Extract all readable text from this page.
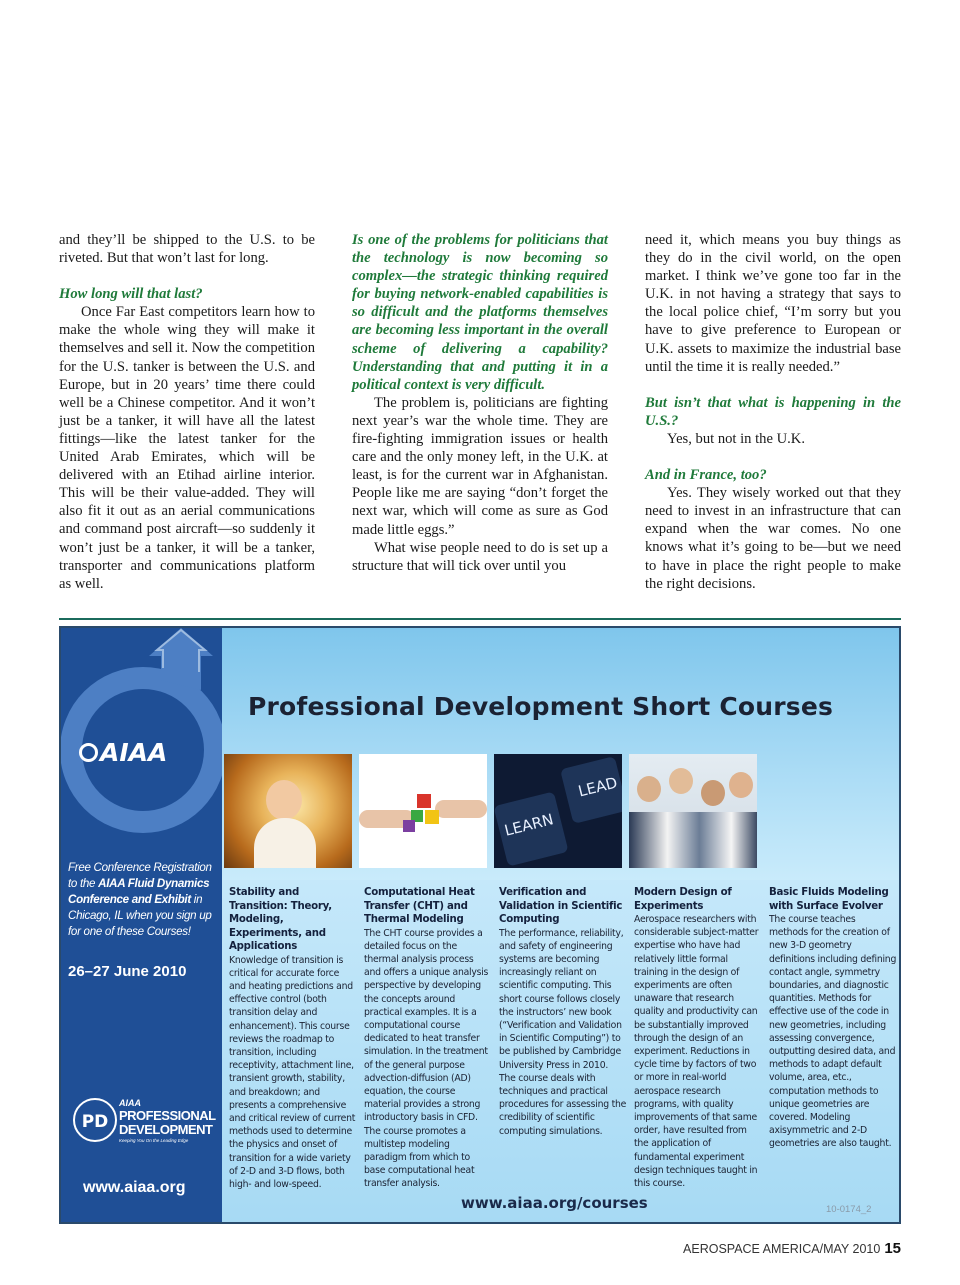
and they’ll be shipped to the U.S. to be riveted. But that won’t last for long.

How long will that last?

Once Far East competitors learn how to make the whole wing they will make it themselves and sell it. Now the competition for the U.S. tanker is between the U.S. and Europe, but in 20 years’ time there could well be a Chinese competitor. And it won’t just be a tanker, it will have all the latest fittings—like the latest tanker for the United Arab Emirates, which will be delivered with an Etihad airline interior. This will be their value-added. They will also fit it out as an aerial communications and command post aircraft—so suddenly it won’t just be a tanker, it will be a tanker, transporter and communications platform as well.

Is one of the problems for politicians that the technology is now becoming so complex—the strategic thinking required for buying network-enabled capabilities is so difficult and the platforms themselves are becoming less important in the overall scheme of delivering a capability? Understanding that and putting it in a political context is very difficult.

The problem is, politicians are fighting next year’s war the whole time. They are fire-fighting immigration issues or health care and the only money left, in the U.K. at least, is for the current war in Afghanistan. People like me are saying “don’t forget the next war, which will come as sure as God made little eggs.”

What wise people need to do is set up a structure that will tick over until you

need it, which means you buy things as they do in the civil world, on the open market. I think we’ve gone too far in the U.K. in not having a strategy that says to the local police chief, “I’m sorry but you have to give preference to European or U.K. assets to maximize the industrial base until the time it is really needed.”

But isn’t that what is happening in the U.S.?

Yes, but not in the U.K.

And in France, too?

Yes. They wisely worked out that they need to invest in an infrastructure that can expand when the war comes. No one knows what it’s going to be—but we need to have in place the right people to make the right decisions.

AIAA
Free Conference Registration to the AIAA Fluid Dynamics Conference and Exhibit in Chicago, IL when you sign up for one of these Courses!
26–27 June 2010
PD
AIAA
PROFESSIONAL
DEVELOPMENT
Keeping You On the Leading Edge
www.aiaa.org
Professional Development Short Courses
LEARN
LEAD
Stability and Transition: Theory, Modeling, Experiments, and Applications
Knowledge of transition is critical for accurate force and heating predictions and effective control (both transition delay and enhancement). This course reviews the roadmap to transition, including receptivity, attachment line, transient growth, stability, and breakdown; and presents a comprehensive and critical review of current methods used to determine the physics and onset of transition for a wide variety of 2-D and 3-D flows, both high- and low-speed.
Computational Heat Transfer (CHT) and Thermal Modeling
The CHT course provides a detailed focus on the thermal analysis process and offers a unique analysis perspective by developing the concepts around practical examples. It is a computational course dedicated to heat transfer simulation. In the treatment of the general purpose advection-diffusion (AD) equation, the course material provides a strong introductory basis in CFD. The course promotes a multistep modeling paradigm from which to base computational heat transfer analysis.
Verification and Validation in Scientific Computing
The performance, reliability, and safety of engineering systems are becoming increasingly reliant on scientific computing. This short course follows closely the instructors’ new book (“Verification and Validation in Scientific Computing”) to be published by Cambridge University Press in 2010. The course deals with techniques and practical procedures for assessing the credibility of scientific computing simulations.
Modern Design of Experiments
Aerospace researchers with considerable subject-matter expertise who have had relatively little formal training in the design of experiments are often unaware that research quality and productivity can be substantially improved through the design of an experiment. Reductions in cycle time by factors of two or more in real-world aerospace research programs, with quality improvements of that same order, have resulted from the application of fundamental experiment design techniques taught in this course.
Basic Fluids Modeling with Surface Evolver
The course teaches methods for the creation of new 3-D geometry definitions including defining contact angle, symmetry boundaries, and diagnostic quantities. Methods for effective use of the code in new geometries, including assessing convergence, outputting desired data, and methods to adapt default volume, area, etc., computation methods to unique geometries are covered. Modeling axisymmetric and 2-D geometries are also taught.
www.aiaa.org/courses	10-0174_2
AEROSPACE AMERICA/MAY 2010 15
